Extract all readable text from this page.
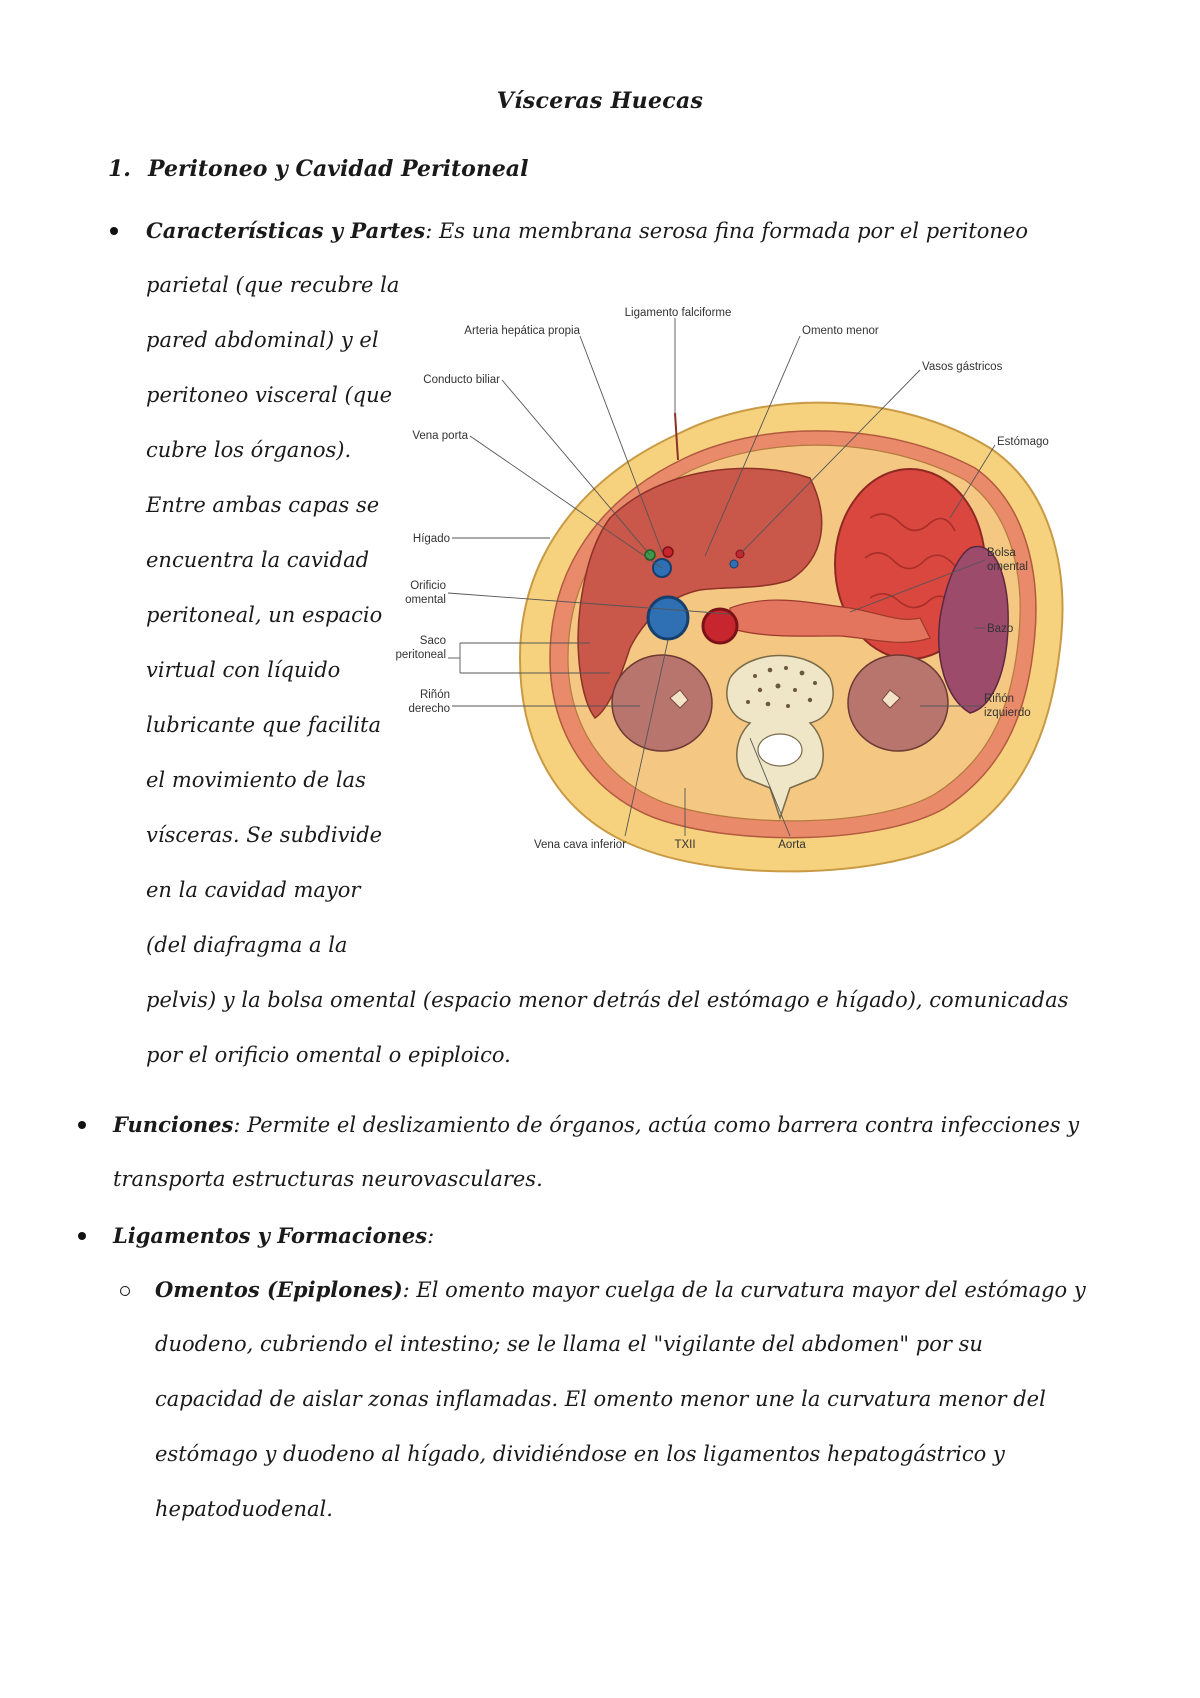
Vísceras Huecas
1. Peritoneo y Cavidad Peritoneal
Características y Partes: Es una membrana serosa fina formada por el peritoneo
parietal (que recubre la
pared abdominal) y el
peritoneo visceral (que
cubre los órganos).
Entre ambas capas se
encuentra la cavidad
peritoneal, un espacio
virtual con líquido
lubricante que facilita
el movimiento de las
vísceras. Se subdivide
en la cavidad mayor
(del diafragma a la
pelvis) y la bolsa omental (espacio menor detrás del estómago e hígado), comunicadas
por el orificio omental o epiploico.
Funciones: Permite el deslizamiento de órganos, actúa como barrera contra infecciones y
transporta estructuras neurovasculares.
Ligamentos y Formaciones:
Omentos (Epiplones): El omento mayor cuelga de la curvatura mayor del estómago y
duodeno, cubriendo el intestino; se le llama el "vigilante del abdomen" por su
capacidad de aislar zonas inflamadas. El omento menor une la curvatura menor del
estómago y duodeno al hígado, dividiéndose en los ligamentos hepatogástrico y
hepatoduodenal.
Ligamento falciforme
Arteria hepática propia	Omento menor
Conducto biliar
Vasos gástricos
Vena porta	Estómago
Hígado
Bolsa
omental
Orificio
omental
Bazo
Saco
peritoneal
Riñón
derecho
Riñón
izquierdo
Vena cava inferior	TXII	Aorta
